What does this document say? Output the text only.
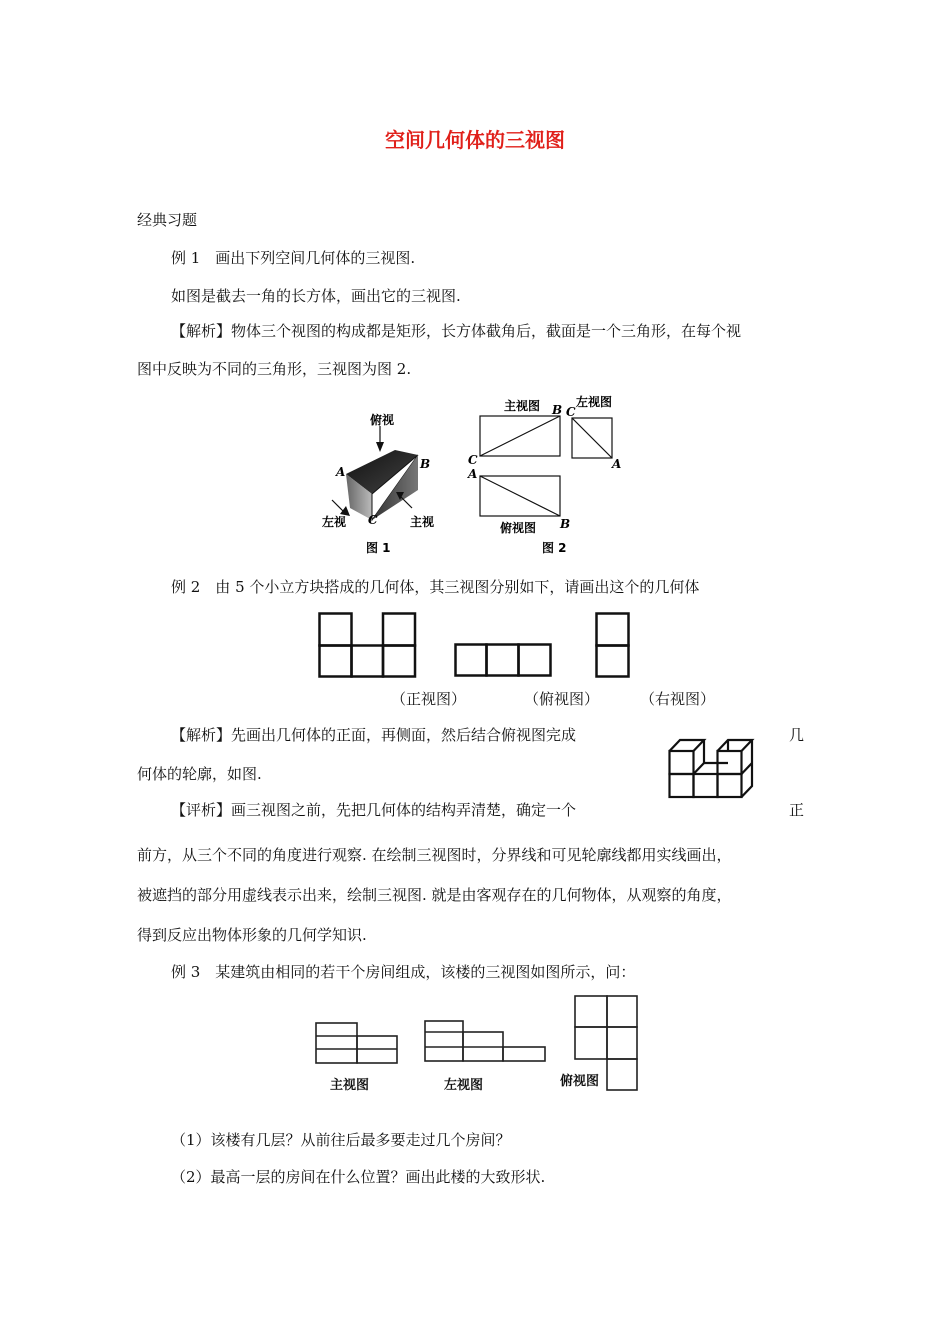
空间几何体的三视图
经典习题
例 1　画出下列空间几何体的三视图.
如图是截去一角的长方体，画出它的三视图.
【解析】物体三个视图的构成都是矩形，长方体截角后，截面是一个三角形，在每个视
图中反映为不同的三角形，三视图为图 2.
俯视
A
B
C
左视	主视
图 1
主视图 B C
C
左视图
A
A
B
俯视图
图 2
例 2　由 5 个小立方块搭成的几何体，其三视图分别如下，请画出这个的几何体
（正视图）	（俯视图）	（右视图）
【解析】先画出几何体的正面，再侧面，然后结合俯视图完成	几
何体的轮廓，如图.
【评析】画三视图之前，先把几何体的结构弄清楚，确定一个	正
前方，从三个不同的角度进行观察. 在绘制三视图时，分界线和可见轮廓线都用实线画出，
被遮挡的部分用虚线表示出来，绘制三视图. 就是由客观存在的几何物体，从观察的角度，
得到反应出物体形象的几何学知识.
例 3　某建筑由相同的若干个房间组成，该楼的三视图如图所示，问：
主视图	左视图	俯视图
（1）该楼有几层？从前往后最多要走过几个房间？
（2）最高一层的房间在什么位置？画出此楼的大致形状.
